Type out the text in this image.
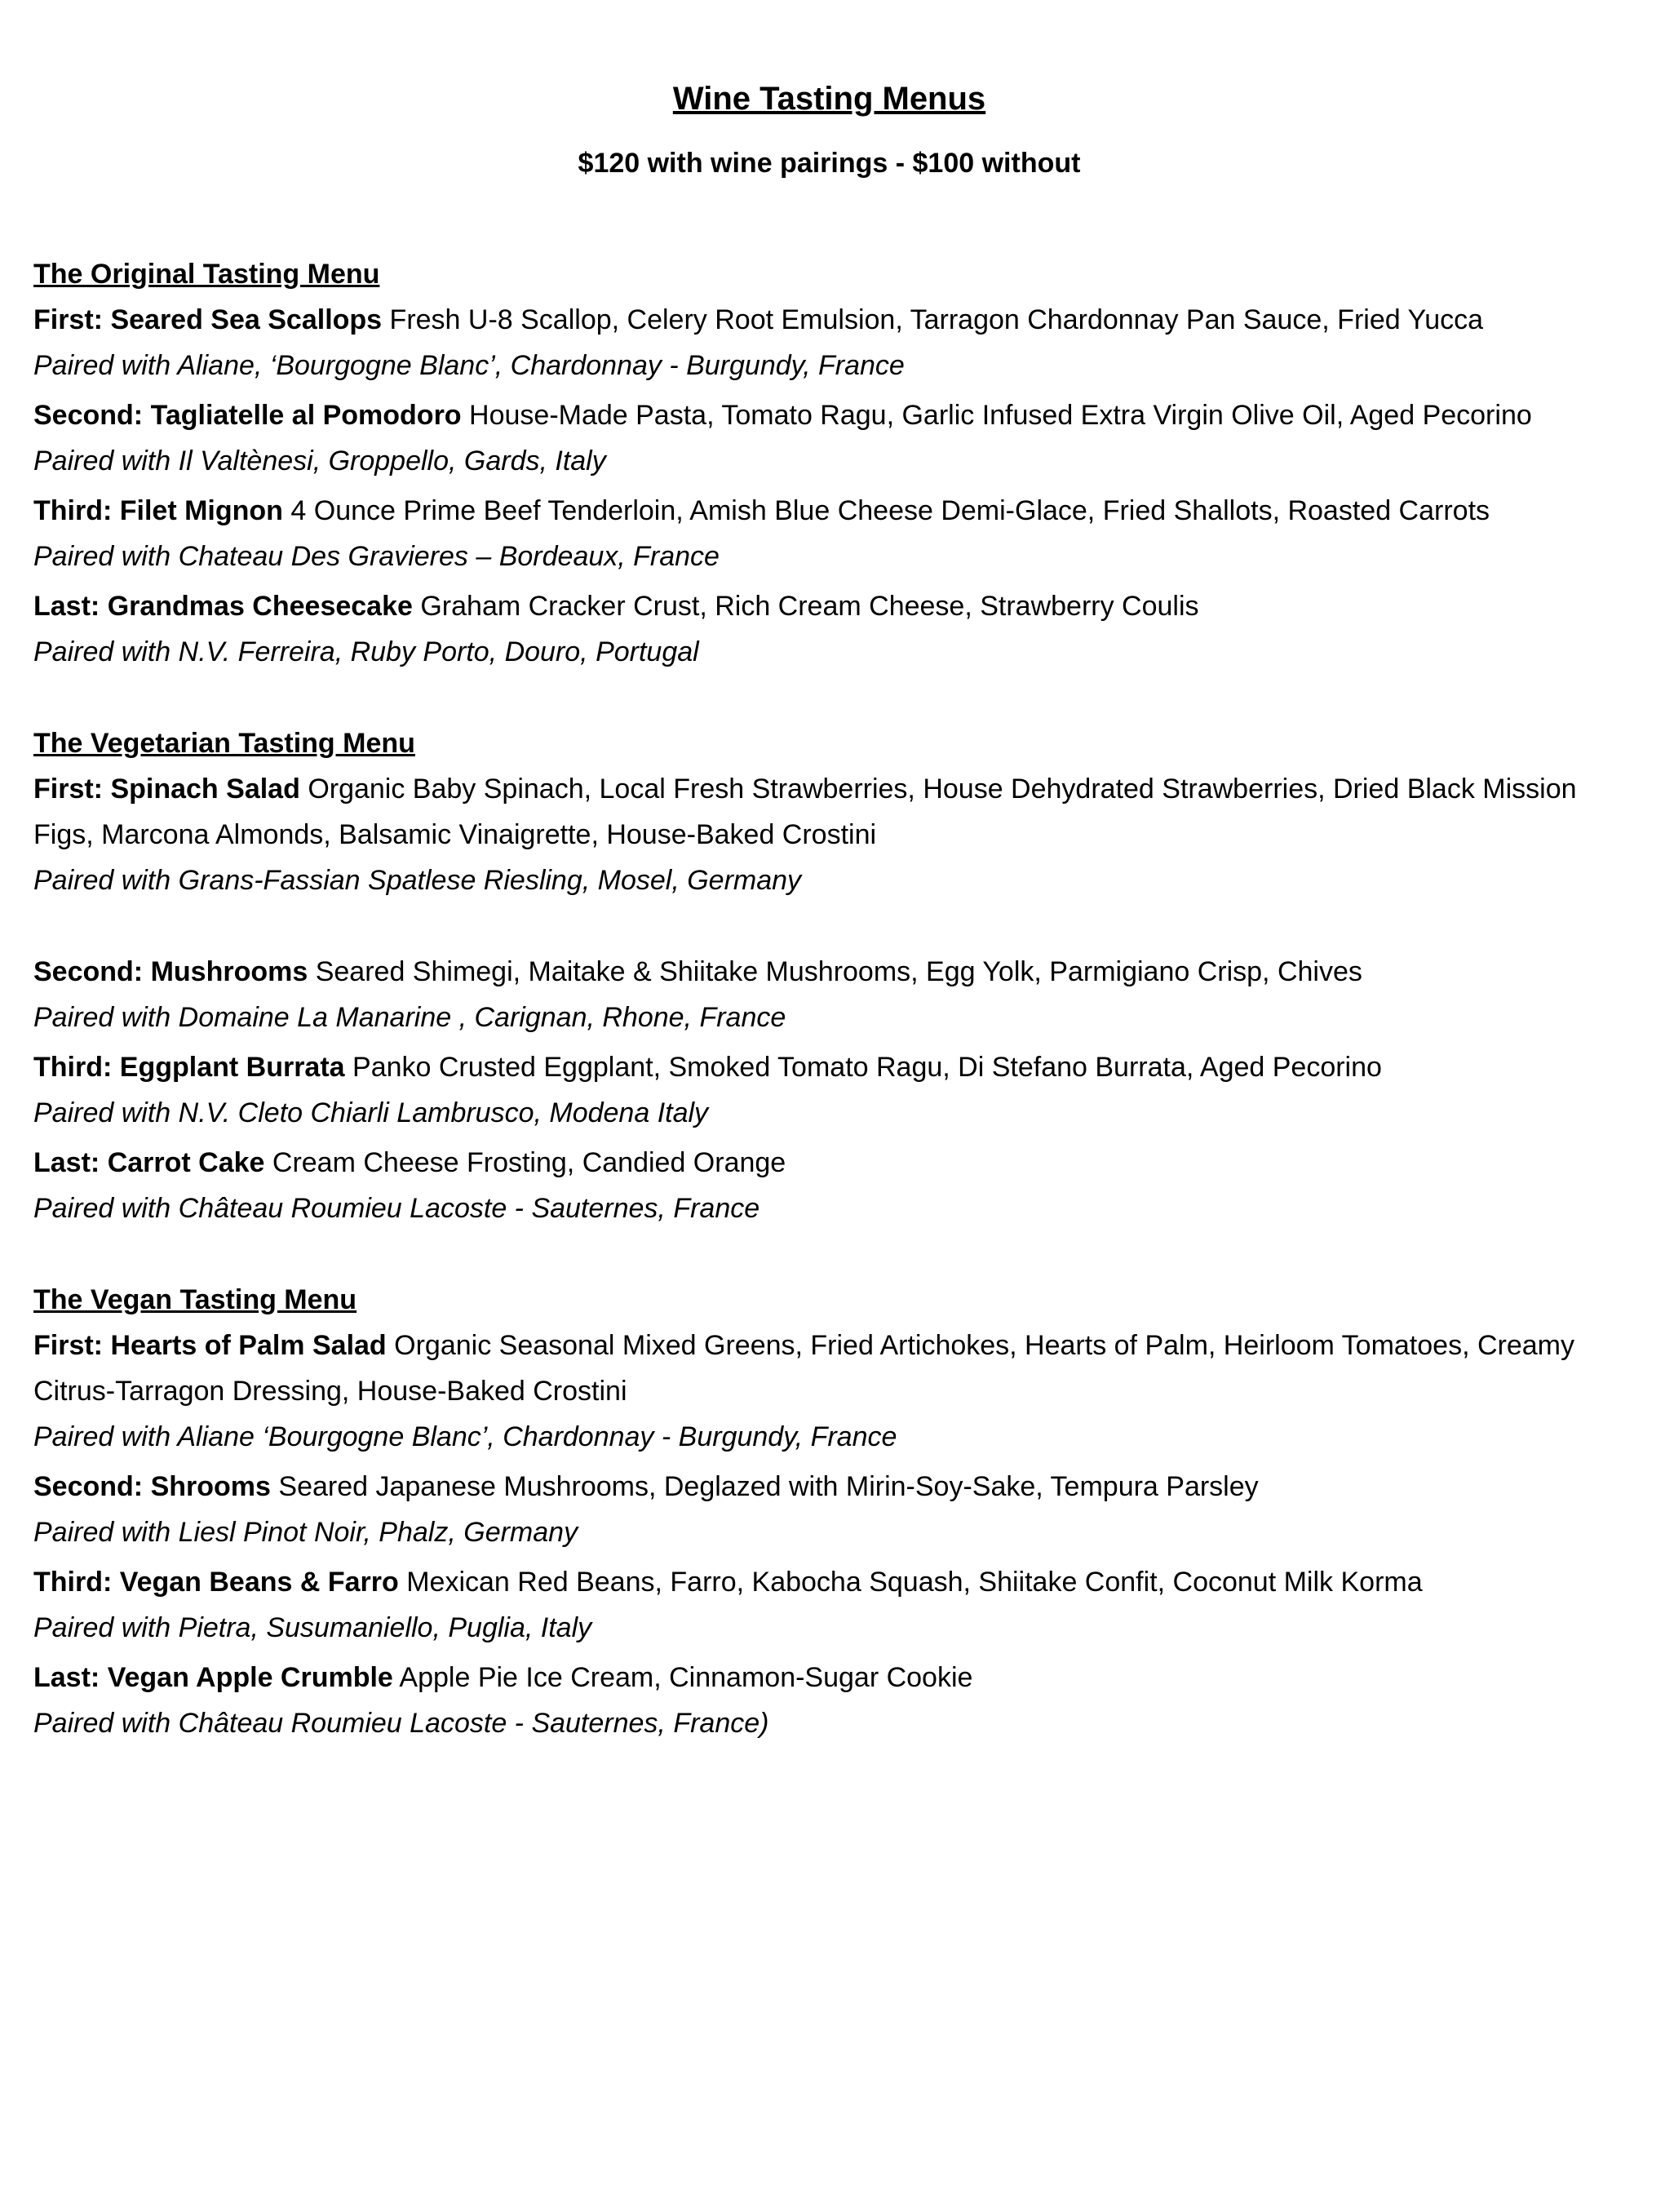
Wine Tasting Menus

$120 with wine pairings - $100 without

The Original Tasting Menu

First: Seared Sea Scallops Fresh U-8 Scallop, Celery Root Emulsion, Tarragon Chardonnay Pan Sauce, Fried Yucca

Paired with Aliane, ‘Bourgogne Blanc’, Chardonnay - Burgundy, France

Second: Tagliatelle al Pomodoro House-Made Pasta, Tomato Ragu, Garlic Infused Extra Virgin Olive Oil, Aged Pecorino

Paired with Il Valtènesi, Groppello, Gards, Italy

Third: Filet Mignon 4 Ounce Prime Beef Tenderloin, Amish Blue Cheese Demi-Glace, Fried Shallots, Roasted Carrots

Paired with Chateau Des Gravieres – Bordeaux, France

Last: Grandmas Cheesecake Graham Cracker Crust, Rich Cream Cheese, Strawberry Coulis

Paired with N.V. Ferreira, Ruby Porto, Douro, Portugal

The Vegetarian Tasting Menu

First: Spinach Salad Organic Baby Spinach, Local Fresh Strawberries, House Dehydrated Strawberries, Dried Black Mission Figs, Marcona Almonds, Balsamic Vinaigrette, House-Baked Crostini

Paired with Grans-Fassian Spatlese Riesling, Mosel, Germany

Second: Mushrooms Seared Shimegi, Maitake & Shiitake Mushrooms, Egg Yolk, Parmigiano Crisp, Chives

Paired with Domaine La Manarine , Carignan, Rhone, France

Third: Eggplant Burrata Panko Crusted Eggplant, Smoked Tomato Ragu, Di Stefano Burrata, Aged Pecorino

Paired with N.V. Cleto Chiarli Lambrusco, Modena Italy

Last: Carrot Cake Cream Cheese Frosting, Candied Orange

Paired with Château Roumieu Lacoste - Sauternes, France

The Vegan Tasting Menu

First: Hearts of Palm Salad Organic Seasonal Mixed Greens, Fried Artichokes, Hearts of Palm, Heirloom Tomatoes, Creamy Citrus-Tarragon Dressing, House-Baked Crostini

Paired with Aliane ‘Bourgogne Blanc’, Chardonnay - Burgundy, France

Second: Shrooms Seared Japanese Mushrooms, Deglazed with Mirin-Soy-Sake, Tempura Parsley

Paired with Liesl Pinot Noir, Phalz, Germany

Third: Vegan Beans & Farro Mexican Red Beans, Farro, Kabocha Squash, Shiitake Confit, Coconut Milk Korma

Paired with Pietra, Susumaniello, Puglia, Italy

Last: Vegan Apple Crumble Apple Pie Ice Cream, Cinnamon-Sugar Cookie

Paired with Château Roumieu Lacoste - Sauternes, France)
